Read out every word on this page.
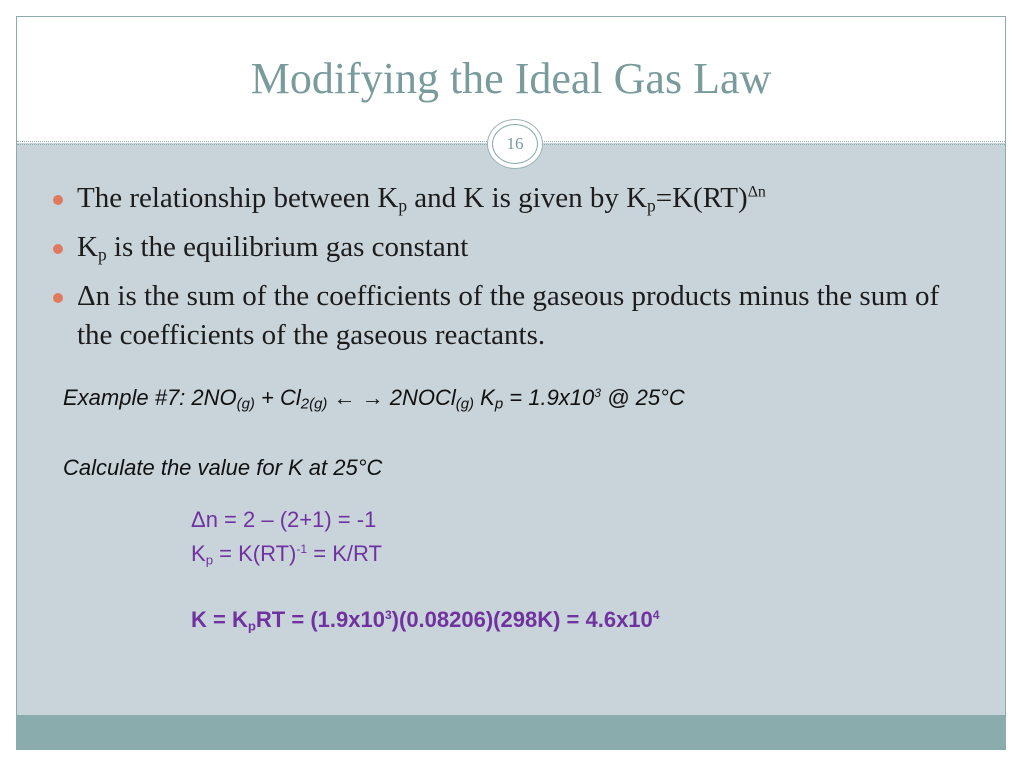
Modifying the Ideal Gas Law
16
The relationship between $K_p$ and K is given by $K_p=K(RT)^{\Delta n}$
$K_p$ is the equilibrium gas constant
Δn is the sum of the coefficients of the gaseous products minus the sum of the coefficients of the gaseous reactants.
Example #7: $2NO_{(g)} + Cl_{2(g)}$ ← → 2NOCl$_{(g)}$ $K_p = 1.9x10^3$ @ 25°C
Calculate the value for K at 25°C
Δn = 2 – (2+1) = -1
$K_p = K(RT)^{-1} = K/RT$
$K = K_pRT = (1.9x10^3)(0.08206)(298K) = 4.6x10^4$
